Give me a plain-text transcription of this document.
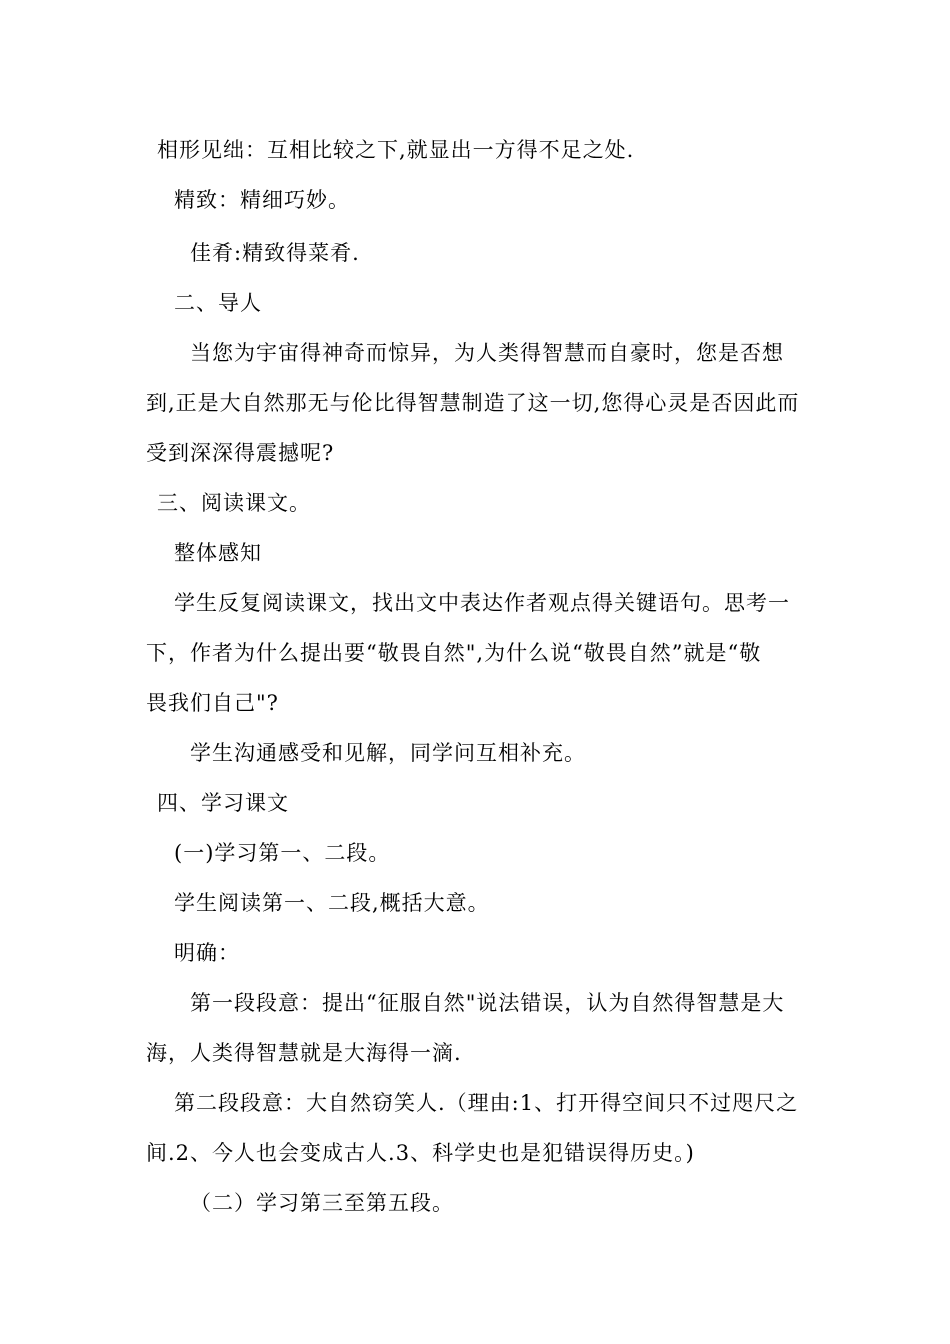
相形见绌：互相比较之下,就显出一方得不足之处.
精致：精细巧妙。
佳肴:精致得菜肴.
二、导人
当您为宇宙得神奇而惊异，为人类得智慧而自豪时，您是否想
到,正是大自然那无与伦比得智慧制造了这一切,您得心灵是否因此而
受到深深得震撼呢?
三、阅读课文。
整体感知
学生反复阅读课文，找出文中表达作者观点得关键语句。思考一
下，作者为什么提出要“敬畏自然",为什么说“敬畏自然”就是“敬
畏我们自己"?
学生沟通感受和见解，同学问互相补充。
四、学习课文
(一)学习第一、二段。
学生阅读第一、二段,概括大意。
明确：
第一段段意：提出“征服自然"说法错误，认为自然得智慧是大
海，人类得智慧就是大海得一滴.
第二段段意：大自然窃笑人.（理由:1、打开得空间只不过咫尺之
间.2、今人也会变成古人.3、科学史也是犯错误得历史。)
（二）学习第三至第五段。
